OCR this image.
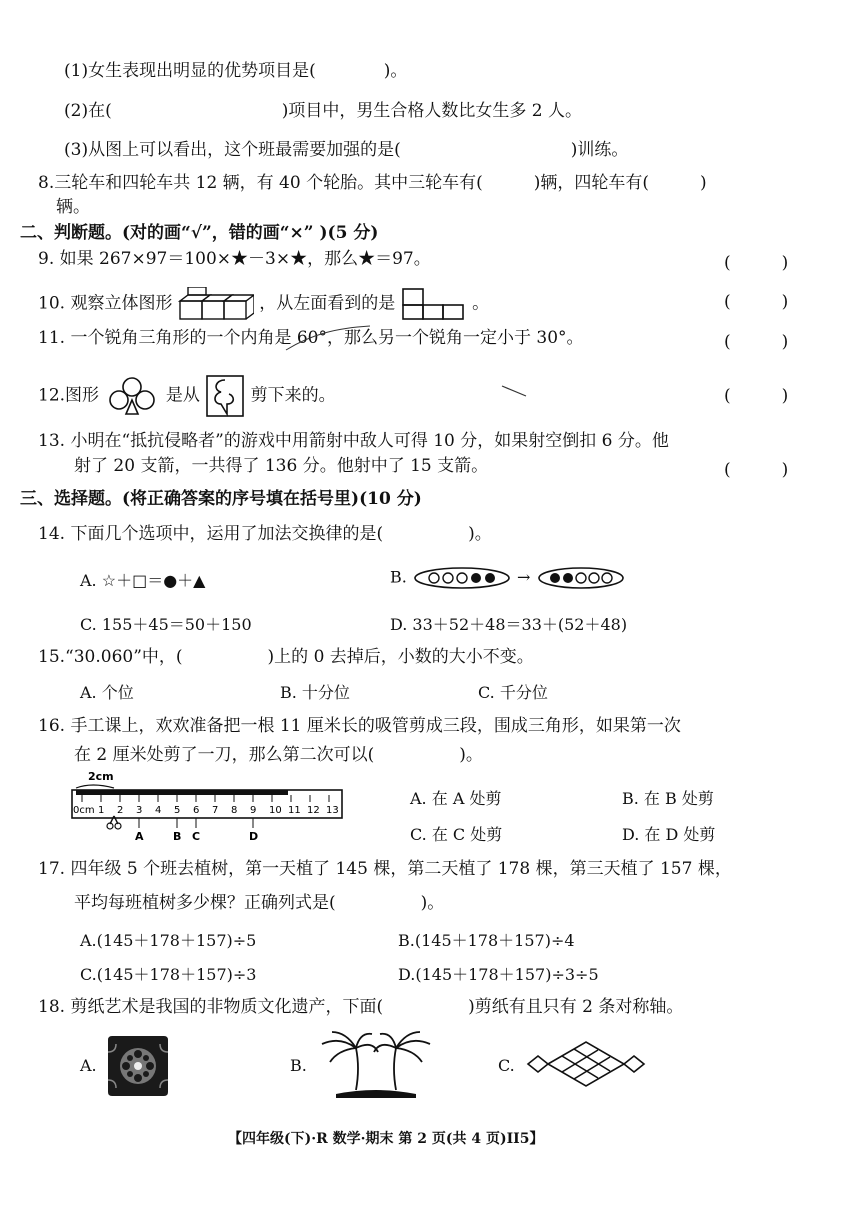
(1)女生表现出明显的优势项目是(　　　　)。
(2)在(　　　　　　　　　　)项目中，男生合格人数比女生多 2 人。
(3)从图上可以看出，这个班最需要加强的是(　　　　　　　　　　)训练。
8.三轮车和四轮车共 12 辆，有 40 个轮胎。其中三轮车有(　　　)辆，四轮车有(　　　)
辆。
二、判断题。(对的画“√”，错的画“×” )(5 分)
9. 如果 267×97＝100×★－3×★，那么★＝97。	(　　　)
10. 观察立体图形	，从左面看到的是	。	(　　　)
11. 一个锐角三角形的一个内角是 60°，那么另一个锐角一定小于 30°。	(　　　)
12.图形	是从	剪下来的。	(　　　)
13. 小明在“抵抗侵略者”的游戏中用箭射中敌人可得 10 分，如果射空倒扣 6 分。他
射了 20 支箭，一共得了 136 分。他射中了 15 支箭。	(　　　)
三、选择题。(将正确答案的序号填在括号里)(10 分)
14. 下面几个选项中，运用了加法交换律的是(　　　　　)。
A. ☆＋□＝●＋▲	B.	→
C. 155＋45＝50＋150	D. 33＋52＋48＝33＋(52＋48)
15.“30.060”中，(　　　　　)上的 0 去掉后，小数的大小不变。
A. 个位	B. 十分位	C. 千分位
16. 手工课上，欢欢准备把一根 11 厘米长的吸管剪成三段，围成三角形，如果第一次
在 2 厘米处剪了一刀，那么第二次可以(　　　　　)。
2cm
0cm 1 2 3 4 5 6 7 8 9 10 11 12 13
A	B C	D
A. 在 A 处剪	B. 在 B 处剪
C. 在 C 处剪	D. 在 D 处剪
17. 四年级 5 个班去植树，第一天植了 145 棵，第二天植了 178 棵，第三天植了 157 棵，
平均每班植树多少棵？正确列式是(　　　　　)。
A.(145＋178＋157)÷5	B.(145＋178＋157)÷4
C.(145＋178＋157)÷3	D.(145＋178＋157)÷3÷5
18. 剪纸艺术是我国的非物质文化遗产，下面(　　　　　)剪纸有且只有 2 条对称轴。
A.	B.	C.
【四年级(下)·R 数学·期末 第 2 页(共 4 页)II5】
